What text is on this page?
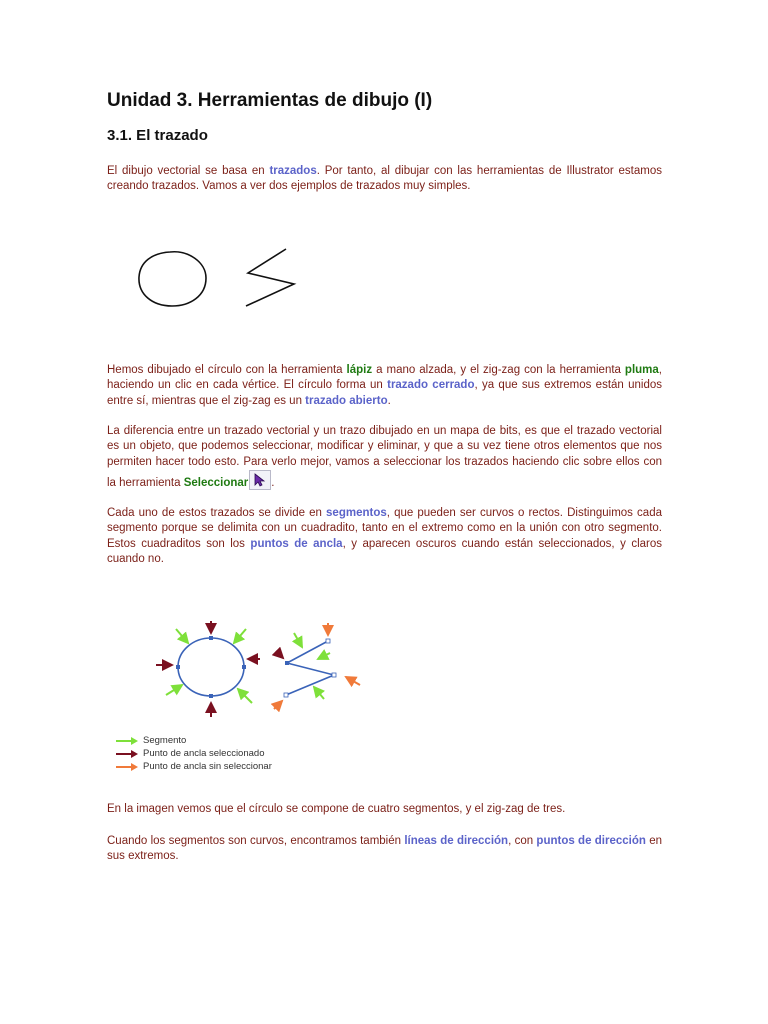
Unidad 3. Herramientas de dibujo (I)
3.1. El trazado

El dibujo vectorial se basa en trazados. Por tanto, al dibujar con las herramientas de Illustrator estamos creando trazados. Vamos a ver dos ejemplos de trazados muy simples.

Hemos dibujado el círculo con la herramienta lápiz a mano alzada, y el zig-zag con la herramienta pluma, haciendo un clic en cada vértice. El círculo forma un trazado cerrado, ya que sus extremos están unidos entre sí, mientras que el zig-zag es un trazado abierto.

La diferencia entre un trazado vectorial y un trazo dibujado en un mapa de bits, es que el trazado vectorial es un objeto, que podemos seleccionar, modificar y eliminar, y que a su vez tiene otros elementos que nos permiten hacer todo esto. Para verlo mejor, vamos a seleccionar los trazados haciendo clic sobre ellos con la herramienta Seleccionar .

Cada uno de estos trazados se divide en segmentos, que pueden ser curvos o rectos. Distinguimos cada segmento porque se delimita con un cuadradito, tanto en el extremo como en la unión con otro segmento. Estos cuadraditos son los puntos de ancla, y aparecen oscuros cuando están seleccionados, y claros cuando no.

En la imagen vemos que el círculo se compone de cuatro segmentos, y el zig-zag de tres.

Cuando los segmentos son curvos, encontramos también líneas de dirección, con puntos de dirección en sus extremos.

Segmento
Punto de ancla seleccionado
Punto de ancla sin seleccionar
